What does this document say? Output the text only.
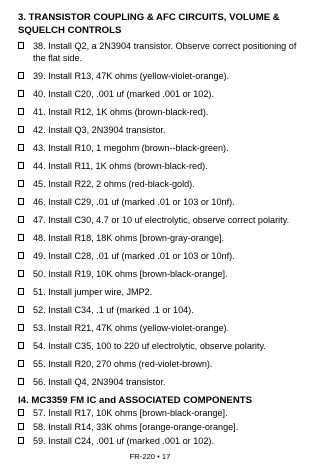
3. TRANSISTOR COUPLING & AFC CIRCUITS, VOLUME &
SQUELCH CONTROLS
38. Install Q2, a 2N3904 transistor. Observe correct positioning of
the flat side.
39. Install R13, 47K ohms (yellow-violet-orange).
40. Install C20, .001 uf (marked .001 or 102).
41. Install R12, 1K ohms (brown-black-red).
42. Install Q3, 2N3904 transistor.
43. Install R10, 1 megohm (brown--black-green).
44. Install R11, 1K ohms (brown-black-red).
45. Install R22, 2 ohms (red-black-gold).
46. Install C29, .01 uf (marked .01 or 103 or 10nf).
47. Install C30, 4.7 or 10 uf electrolytic, observe correct polarity.
48. Install R18, 18K ohms [brown-gray-orange].
49. Install C28, .01 uf (marked .01 or 103 or 10nf).
50. Install R19, 10K ohms [brown-black-orange].
51. Install jumper wire, JMP2.
52. Install C34, .1 uf (marked .1 or 104).
53. Install R21, 47K ohms (yellow-violet-orange).
54. Install C35, 100 to 220 uf electrolytic, observe polarity.
55. Install R20, 270 ohms (red-violet-brown).
56. Install Q4, 2N3904 transistor.
I4. MC3359 FM IC and ASSOCIATED COMPONENTS
FR-220 • 17
57. Install R17, 10K ohms [brown-black-orange].
58. Install R14, 33K ohms [orange-orange-orange].
59. Install C24, .001 uf (marked .001 or 102).
